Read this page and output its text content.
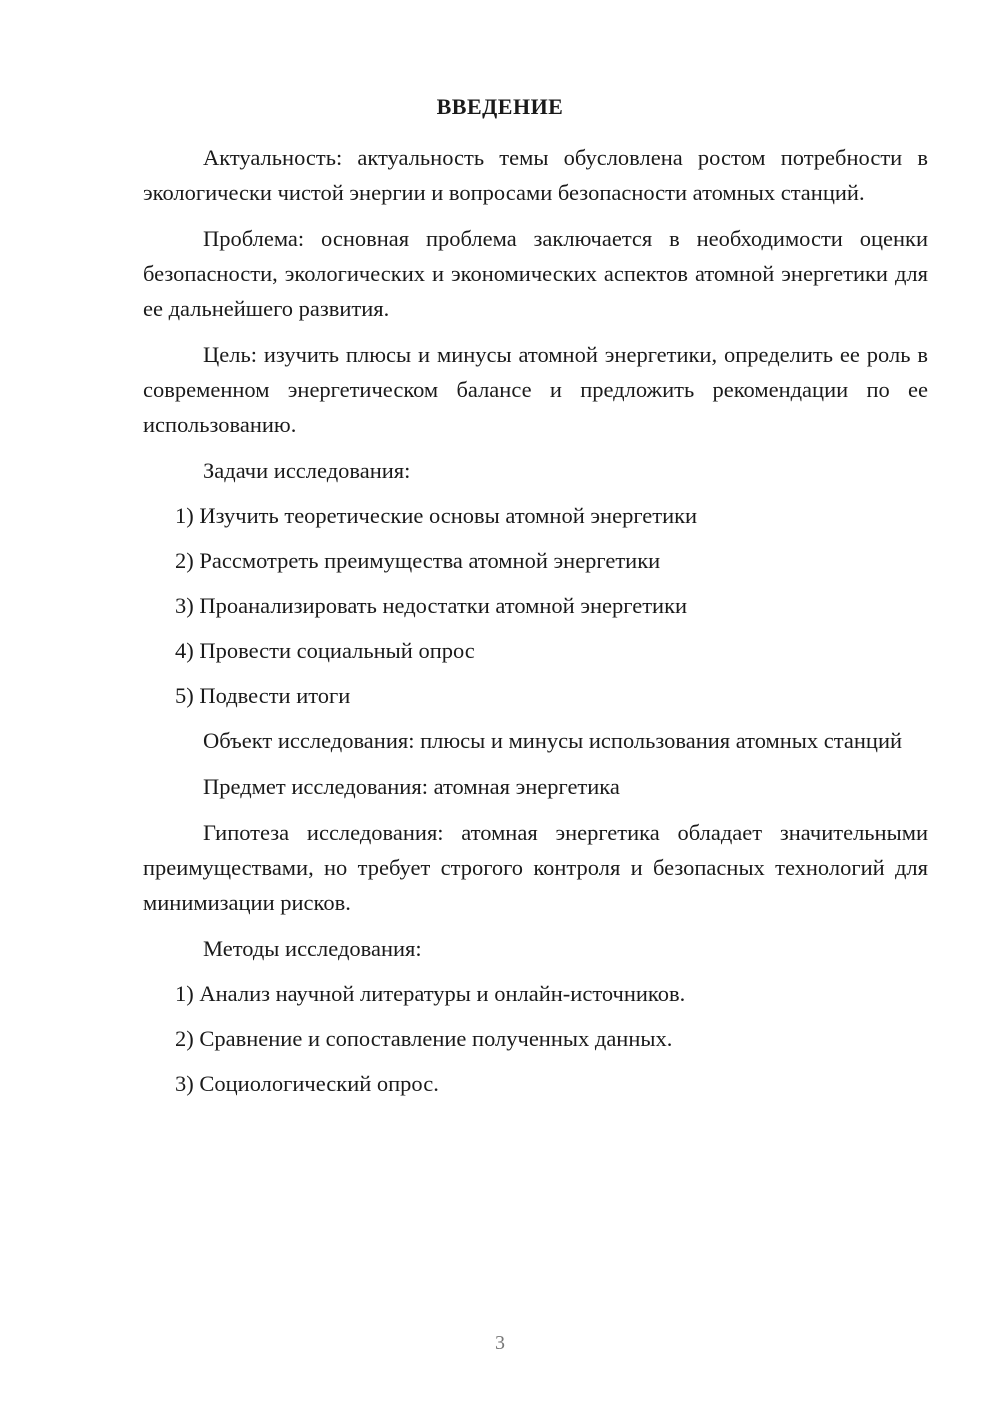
ВВЕДЕНИЕ

Актуальность: актуальность темы обусловлена ростом потребности в экологически чистой энергии и вопросами безопасности атомных станций.

Проблема: основная проблема заключается в необходимости оценки безопасности, экологических и экономических аспектов атомной энергетики для ее дальнейшего развития.

Цель: изучить плюсы и минусы атомной энергетики, определить ее роль в современном энергетическом балансе и предложить рекомендации по ее использованию.

Задачи исследования:

1) Изучить теоретические основы атомной энергетики
2) Рассмотреть преимущества атомной энергетики
3) Проанализировать недостатки атомной энергетики
4) Провести социальный опрос
5) Подвести итоги

Объект исследования: плюсы и минусы использования атомных станций

Предмет исследования: атомная энергетика

Гипотеза исследования: атомная энергетика обладает значительными преимуществами, но требует строгого контроля и безопасных технологий для минимизации рисков.

Методы исследования:

1) Анализ научной литературы и онлайн-источников.
2) Сравнение и сопоставление полученных данных.
3) Социологический опрос.
3
